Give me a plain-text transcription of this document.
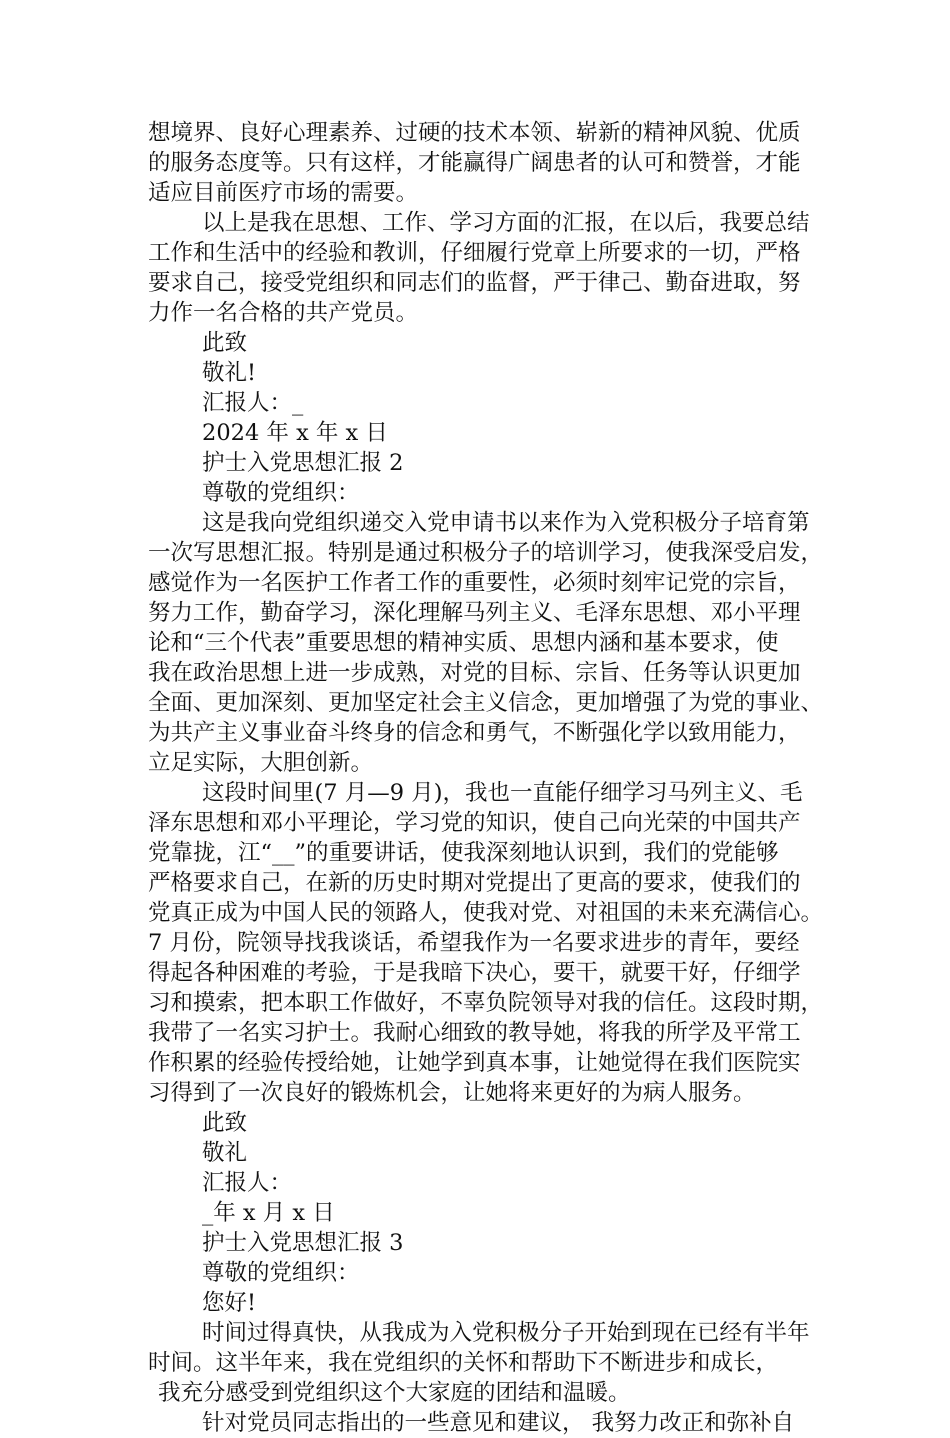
想境界、良好心理素养、过硬的技术本领、崭新的精神风貌、优质
的服务态度等。只有这样，才能赢得广阔患者的认可和赞誉，才能
适应目前医疗市场的需要。
以上是我在思想、工作、学习方面的汇报，在以后，我要总结
工作和生活中的经验和教训，仔细履行党章上所要求的一切，严格
要求自己，接受党组织和同志们的监督，严于律己、勤奋进取，努
力作一名合格的共产党员。
此致
敬礼!
汇报人：_
2024 年 x 年 x 日
护士入党思想汇报 2
尊敬的党组织：
这是我向党组织递交入党申请书以来作为入党积极分子培育第
一次写思想汇报。特别是通过积极分子的培训学习，使我深受启发，
感觉作为一名医护工作者工作的重要性，必须时刻牢记党的宗旨，
努力工作，勤奋学习，深化理解马列主义、毛泽东思想、邓小平理
论和“三个代表”重要思想的精神实质、思想内涵和基本要求，使
我在政治思想上进一步成熟，对党的目标、宗旨、任务等认识更加
全面、更加深刻、更加坚定社会主义信念，更加增强了为党的事业、
为共产主义事业奋斗终身的信念和勇气，不断强化学以致用能力，
立足实际，大胆创新。
这段时间里(7 月—9 月)，我也一直能仔细学习马列主义、毛
泽东思想和邓小平理论，学习党的知识，使自己向光荣的中国共产
党靠拢，江“__”的重要讲话，使我深刻地认识到，我们的党能够
严格要求自己，在新的历史时期对党提出了更高的要求，使我们的
党真正成为中国人民的领路人，使我对党、对祖国的未来充满信心。
7 月份，院领导找我谈话，希望我作为一名要求进步的青年，要经
得起各种困难的考验，于是我暗下决心，要干，就要干好，仔细学
习和摸索，把本职工作做好，不辜负院领导对我的信任。这段时期，
我带了一名实习护士。我耐心细致的教导她，将我的所学及平常工
作积累的经验传授给她，让她学到真本事，让她觉得在我们医院实
习得到了一次良好的锻炼机会，让她将来更好的为病人服务。
此致
敬礼
汇报人：
_年 x 月 x 日
护士入党思想汇报 3
尊敬的党组织：
您好!
时间过得真快，从我成为入党积极分子开始到现在已经有半年
时间。这半年来，我在党组织的关怀和帮助下不断进步和成长，
我充分感受到党组织这个大家庭的团结和温暖。
针对党员同志指出的一些意见和建议， 我努力改正和弥补自
